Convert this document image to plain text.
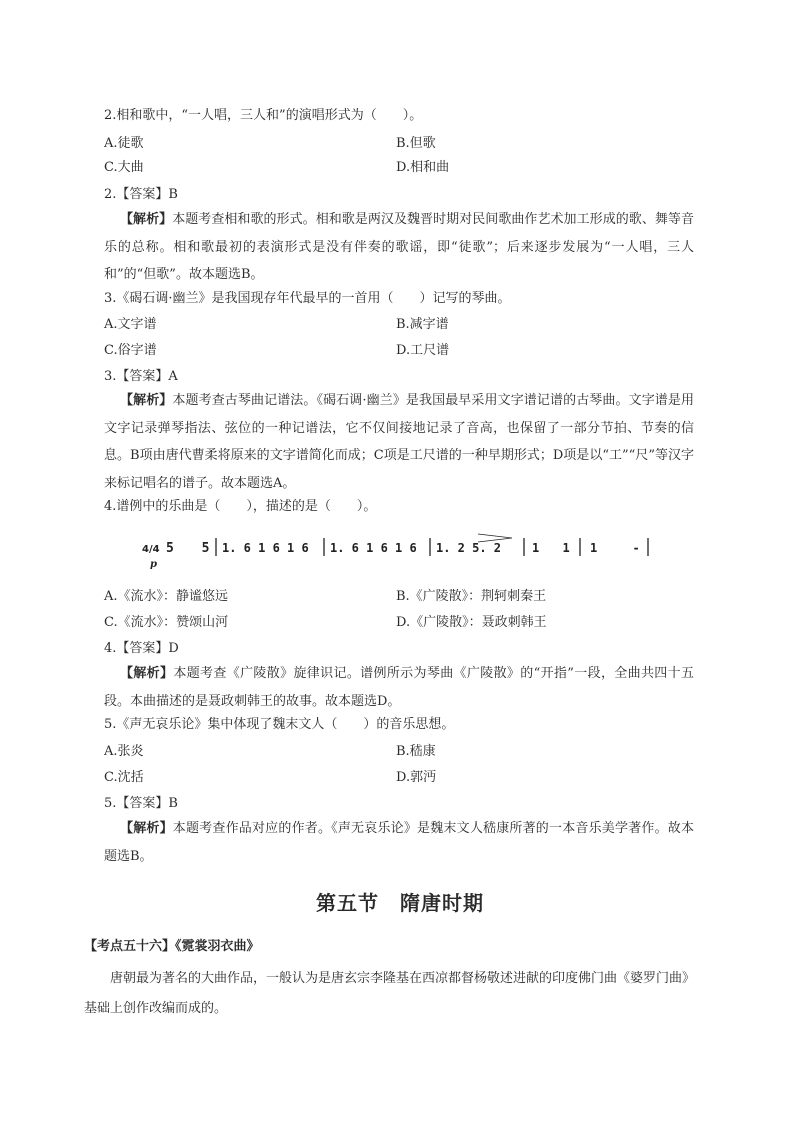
2.相和歌中，“一人唱，三人和”的演唱形式为（　　）。
A.徒歌	B.但歌
C.大曲	D.相和曲
2.【答案】B
【解析】本题考查相和歌的形式。相和歌是两汉及魏晋时期对民间歌曲作艺术加工形成的歌、舞等音乐的总称。相和歌最初的表演形式是没有伴奏的歌谣，即“徒歌”；后来逐步发展为“一人唱，三人和”的“但歌”。故本题选B。
3.《碣石调·幽兰》是我国现存年代最早的一首用（　　）记写的琴曲。
A.文字谱	B.减字谱
C.俗字谱	D.工尺谱
3.【答案】A
【解析】本题考查古琴曲记谱法。《碣石调·幽兰》是我国最早采用文字谱记谱的古琴曲。文字谱是用文字记录弹琴指法、弦位的一种记谱法，它不仅间接地记录了音高，也保留了一部分节拍、节奏的信息。B项由唐代曹柔将原来的文字谱简化而成；C项是工尺谱的一种早期形式；D项是以“工”“尺”等汉字来标记唱名的谱子。故本题选A。
4.谱例中的乐曲是（　　），描述的是（　　）。
4/4
p
5 5 1. 6 1 6 1 6 1. 6 1 6 1 6 1. 2 5. 2	1 1 1 -
A.《流水》：静谧悠远	B.《广陵散》：荆轲刺秦王
C.《流水》：赞颂山河	D.《广陵散》：聂政刺韩王
4.【答案】D
【解析】本题考查《广陵散》旋律识记。谱例所示为琴曲《广陵散》的“开指”一段，全曲共四十五段。本曲描述的是聂政刺韩王的故事。故本题选D。
5.《声无哀乐论》集中体现了魏末文人（　　）的音乐思想。
A.张炎	B.嵇康
C.沈括	D.郭沔
5.【答案】B
【解析】本题考查作品对应的作者。《声无哀乐论》是魏末文人嵇康所著的一本音乐美学著作。故本题选B。
第五节　隋唐时期
【考点五十六】《霓裳羽衣曲》
唐朝最为著名的大曲作品，一般认为是唐玄宗李隆基在西凉都督杨敬述进献的印度佛门曲《婆罗门曲》基础上创作改编而成的。
